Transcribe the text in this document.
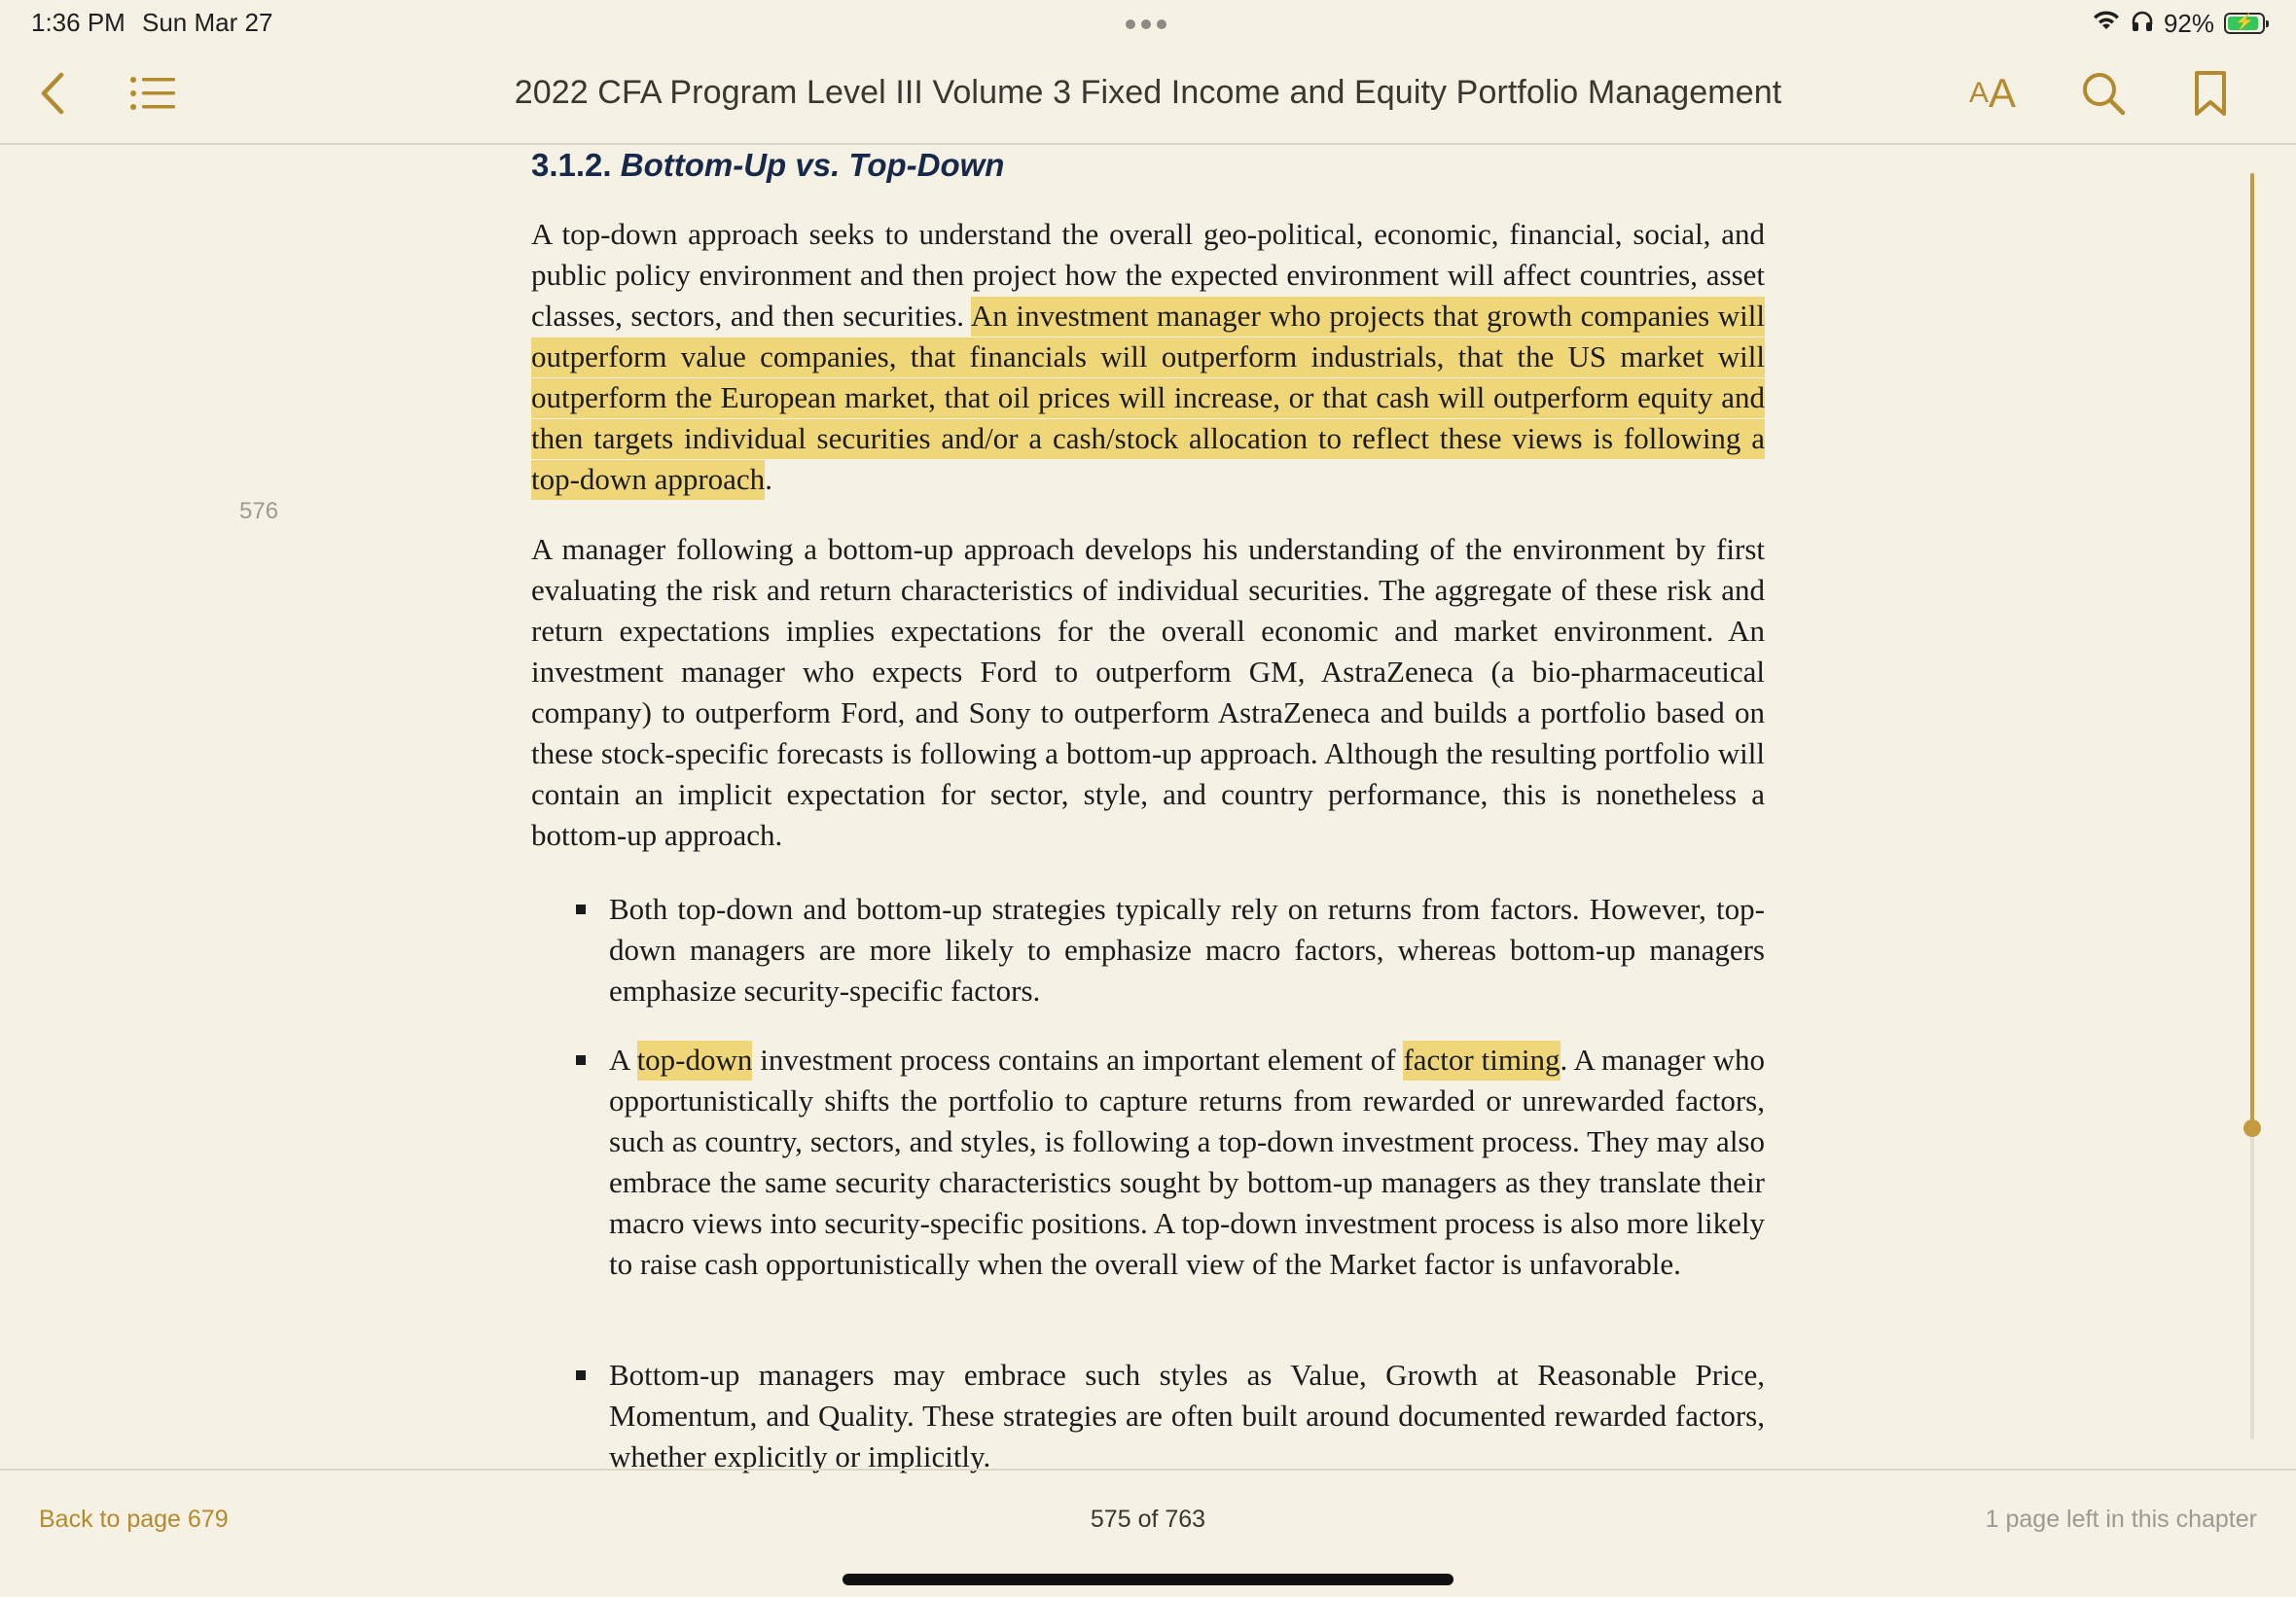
1:36 PM Sun Mar 27	92% ⚡
2022 CFA Program Level III Volume 3 Fixed Income and Equity Portfolio Management	A A
576
3.1.2. Bottom-Up vs. Top-Down

A top-down approach seeks to understand the overall geo-political, economic, financial, social, and public policy environment and then project how the expected environment will affect countries, asset classes, sectors, and then securities. An investment manager who projects that growth companies will outperform value companies, that financials will outperform industrials, that the US market will outperform the European market, that oil prices will increase, or that cash will outperform equity and then targets individual securities and/or a cash/stock allocation to reflect these views is following a top-down approach.

A manager following a bottom-up approach develops his understanding of the environment by first evaluating the risk and return characteristics of individual securities. The aggregate of these risk and return expectations implies expectations for the overall economic and market environment. An investment manager who expects Ford to outperform GM, AstraZeneca (a bio-pharmaceutical company) to outperform Ford, and Sony to outperform AstraZeneca and builds a portfolio based on these stock-specific forecasts is following a bottom-up approach. Although the resulting portfolio will contain an implicit expectation for sector, style, and country performance, this is nonetheless a bottom-up approach.

Both top-down and bottom-up strategies typically rely on returns from factors. However, top-down managers are more likely to emphasize macro factors, whereas bottom-up managers emphasize security-specific factors.
A top-down investment process contains an important element of factor timing. A manager who opportunistically shifts the portfolio to capture returns from rewarded or unrewarded factors, such as country, sectors, and styles, is following a top-down investment process. They may also embrace the same security characteristics sought by bottom-up managers as they translate their macro views into security-specific positions. A top-down investment process is also more likely to raise cash opportunistically when the overall view of the Market factor is unfavorable.
Bottom-up managers may embrace such styles as Value, Growth at Reasonable Price, Momentum, and Quality. These strategies are often built around documented rewarded factors, whether explicitly or implicitly.
Back to page 679	575 of 763	1 page left in this chapter
